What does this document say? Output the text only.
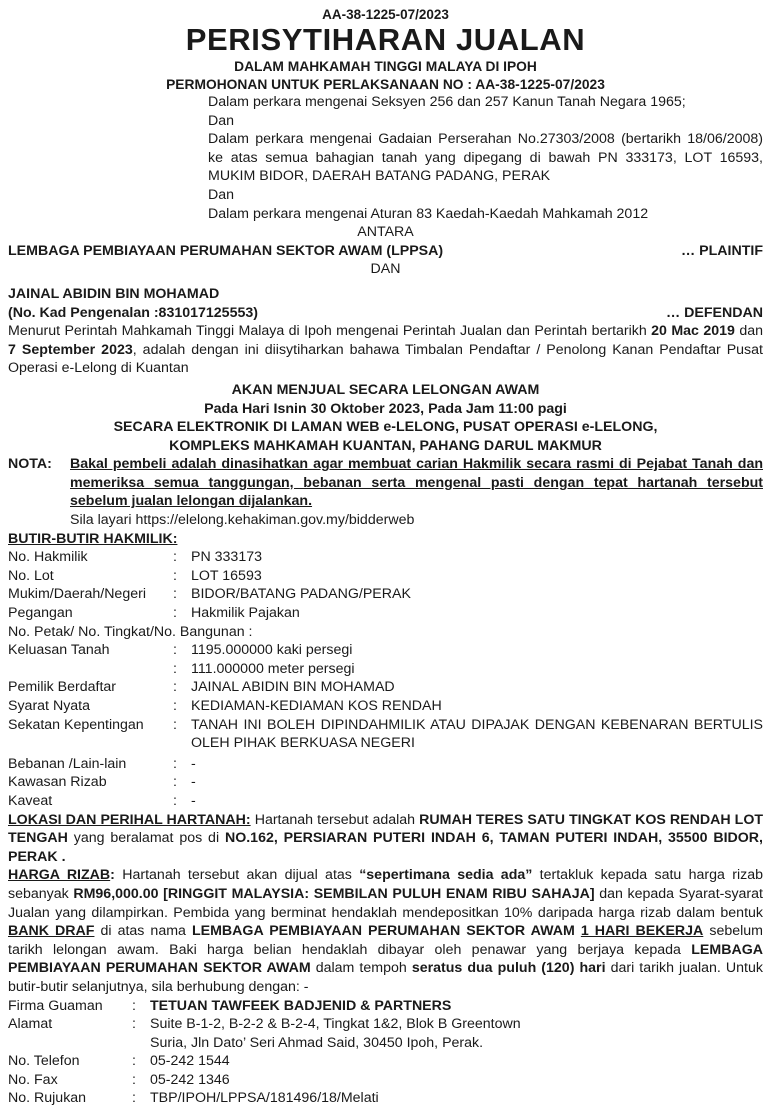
AA-38-1225-07/2023
PERISYTIHARAN JUALAN
DALAM MAHKAMAH TINGGI MALAYA DI IPOH
PERMOHONAN UNTUK PERLAKSANAAN NO : AA-38-1225-07/2023
Dalam perkara mengenai Seksyen 256 dan 257 Kanun Tanah Negara 1965;
Dan
Dalam perkara mengenai Gadaian Perserahan No.27303/2008 (bertarikh 18/06/2008) ke atas semua bahagian tanah yang dipegang di bawah PN 333173, LOT 16593, MUKIM BIDOR, DAERAH BATANG PADANG, PERAK
Dan
Dalam perkara mengenai Aturan 83 Kaedah-Kaedah Mahkamah 2012
ANTARA
LEMBAGA PEMBIAYAAN PERUMAHAN SEKTOR AWAM (LPPSA)	… PLAINTIF
DAN
JAINAL ABIDIN BIN MOHAMAD
(No. Kad Pengenalan :831017125553)	… DEFENDAN
Menurut Perintah Mahkamah Tinggi Malaya di Ipoh mengenai Perintah Jualan dan Perintah bertarikh 20 Mac 2019 dan 7 September 2023, adalah dengan ini diisytiharkan bahawa Timbalan Pendaftar / Penolong Kanan Pendaftar Pusat Operasi e-Lelong di Kuantan
AKAN MENJUAL SECARA LELONGAN AWAM
Pada Hari Isnin 30 Oktober 2023, Pada Jam 11:00 pagi
SECARA ELEKTRONIK DI LAMAN WEB e-LELONG, PUSAT OPERASI e-LELONG,
KOMPLEKS MAHKAMAH KUANTAN, PAHANG DARUL MAKMUR
NOTA:	Bakal pembeli adalah dinasihatkan agar membuat carian Hakmilik secara rasmi di Pejabat Tanah dan memeriksa semua tanggungan, bebanan serta mengenal pasti dengan tepat hartanah tersebut sebelum jualan lelongan dijalankan.
Sila layari https://elelong.kehakiman.gov.my/bidderweb
BUTIR-BUTIR HAKMILIK:
No. Hakmilik	: PN 333173
No. Lot	: LOT 16593
Mukim/Daerah/Negeri	: BIDOR/BATANG PADANG/PERAK
Pegangan	: Hakmilik Pajakan
No. Petak/ No. Tingkat/No. Bangunan :
Keluasan Tanah	: 1195.000000 kaki persegi
: 111.000000 meter persegi
Pemilik Berdaftar	: JAINAL ABIDIN BIN MOHAMAD
Syarat Nyata	: KEDIAMAN-KEDIAMAN KOS RENDAH
Sekatan Kepentingan	: TANAH INI BOLEH DIPINDAHMILIK ATAU DIPAJAK DENGAN KEBENARAN BERTULIS OLEH PIHAK BERKUASA NEGERI
Bebanan /Lain-lain	: -
Kawasan Rizab	: -
Kaveat	: -
LOKASI DAN PERIHAL HARTANAH: Hartanah tersebut adalah RUMAH TERES SATU TINGKAT KOS RENDAH LOT TENGAH yang beralamat pos di NO.162, PERSIARAN PUTERI INDAH 6, TAMAN PUTERI INDAH, 35500 BIDOR, PERAK .
HARGA RIZAB: Hartanah tersebut akan dijual atas “sepertimana sedia ada” tertakluk kepada satu harga rizab sebanyak RM96,000.00 [RINGGIT MALAYSIA: SEMBILAN PULUH ENAM RIBU SAHAJA] dan kepada Syarat-syarat Jualan yang dilampirkan. Pembida yang berminat hendaklah mendepositkan 10% daripada harga rizab dalam bentuk BANK DRAF di atas nama LEMBAGA PEMBIAYAAN PERUMAHAN SEKTOR AWAM 1 HARI BEKERJA sebelum tarikh lelongan awam. Baki harga belian hendaklah dibayar oleh penawar yang berjaya kepada LEMBAGA PEMBIAYAAN PERUMAHAN SEKTOR AWAM dalam tempoh seratus dua puluh (120) hari dari tarikh jualan. Untuk butir-butir selanjutnya, sila berhubung dengan: -
Firma Guaman	: TETUAN TAWFEEK BADJENID & PARTNERS
Alamat	: Suite B-1-2, B-2-2 & B-2-4, Tingkat 1&2, Blok B Greentown
Suria, Jln Dato’ Seri Ahmad Said, 30450 Ipoh, Perak.
No. Telefon	: 05-242 1544
No. Fax	: 05-242 1346
No. Rujukan	: TBP/IPOH/LPPSA/181496/18/Melati
